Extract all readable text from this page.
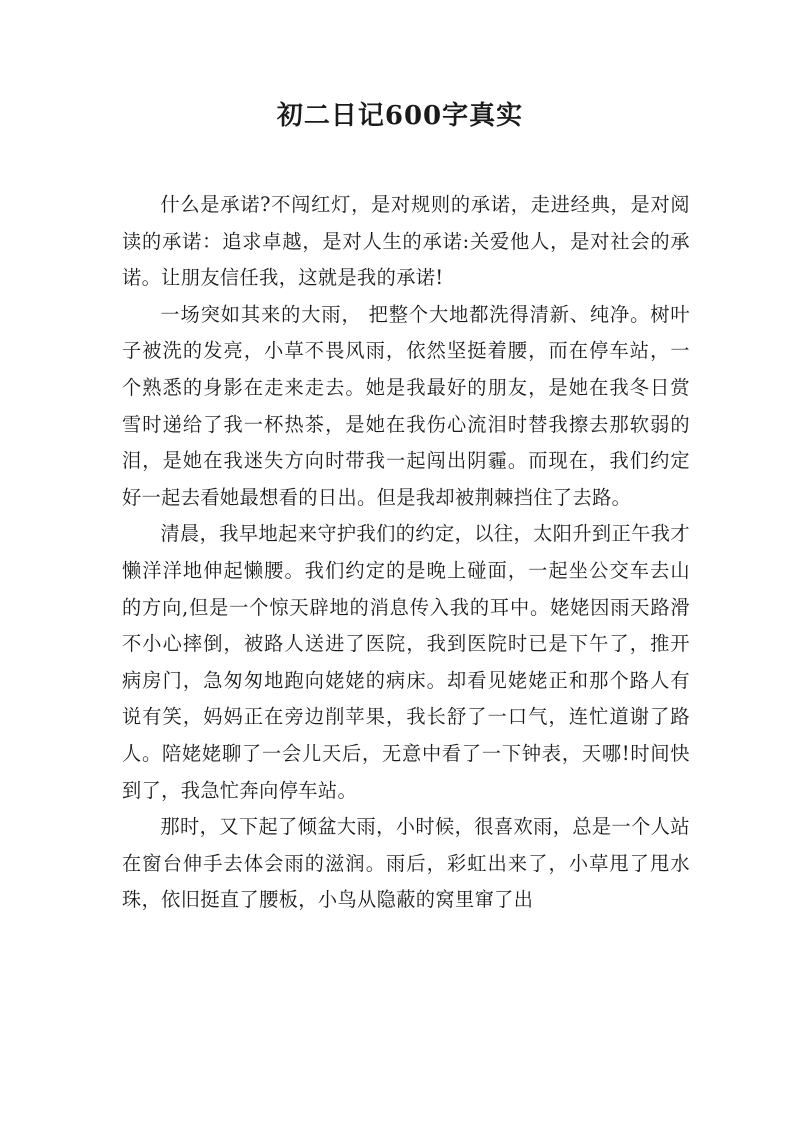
初二日记600字真实

什么是承诺?不闯红灯，是对规则的承诺，走进经典，是对阅读的承诺：追求卓越，是对人生的承诺:关爱他人，是对社会的承诺。让朋友信任我，这就是我的承诺!

一场突如其来的大雨， 把整个大地都洗得清新、纯净。树叶子被洗的发亮，小草不畏风雨，依然坚挺着腰，而在停车站，一个熟悉的身影在走来走去。她是我最好的朋友，是她在我冬日赏雪时递给了我一杯热茶，是她在我伤心流泪时替我擦去那软弱的泪，是她在我迷失方向时带我一起闯出阴霾。而现在，我们约定好一起去看她最想看的日出。但是我却被荆棘挡住了去路。

清晨，我早地起来守护我们的约定，以往，太阳升到正午我才懒洋洋地伸起懒腰。我们约定的是晚上碰面，一起坐公交车去山的方向,但是一个惊天辟地的消息传入我的耳中。姥姥因雨天路滑不小心摔倒，被路人送进了医院，我到医院时已是下午了，推开病房门，急匆匆地跑向姥姥的病床。却看见姥姥正和那个路人有说有笑，妈妈正在旁边削苹果，我长舒了一口气，连忙道谢了路人。陪姥姥聊了一会儿天后，无意中看了一下钟表，天哪!时间快到了，我急忙奔向停车站。

那时，又下起了倾盆大雨，小时候，很喜欢雨，总是一个人站在窗台伸手去体会雨的滋润。雨后，彩虹出来了，小草甩了甩水珠，依旧挺直了腰板，小鸟从隐蔽的窝里窜了出
